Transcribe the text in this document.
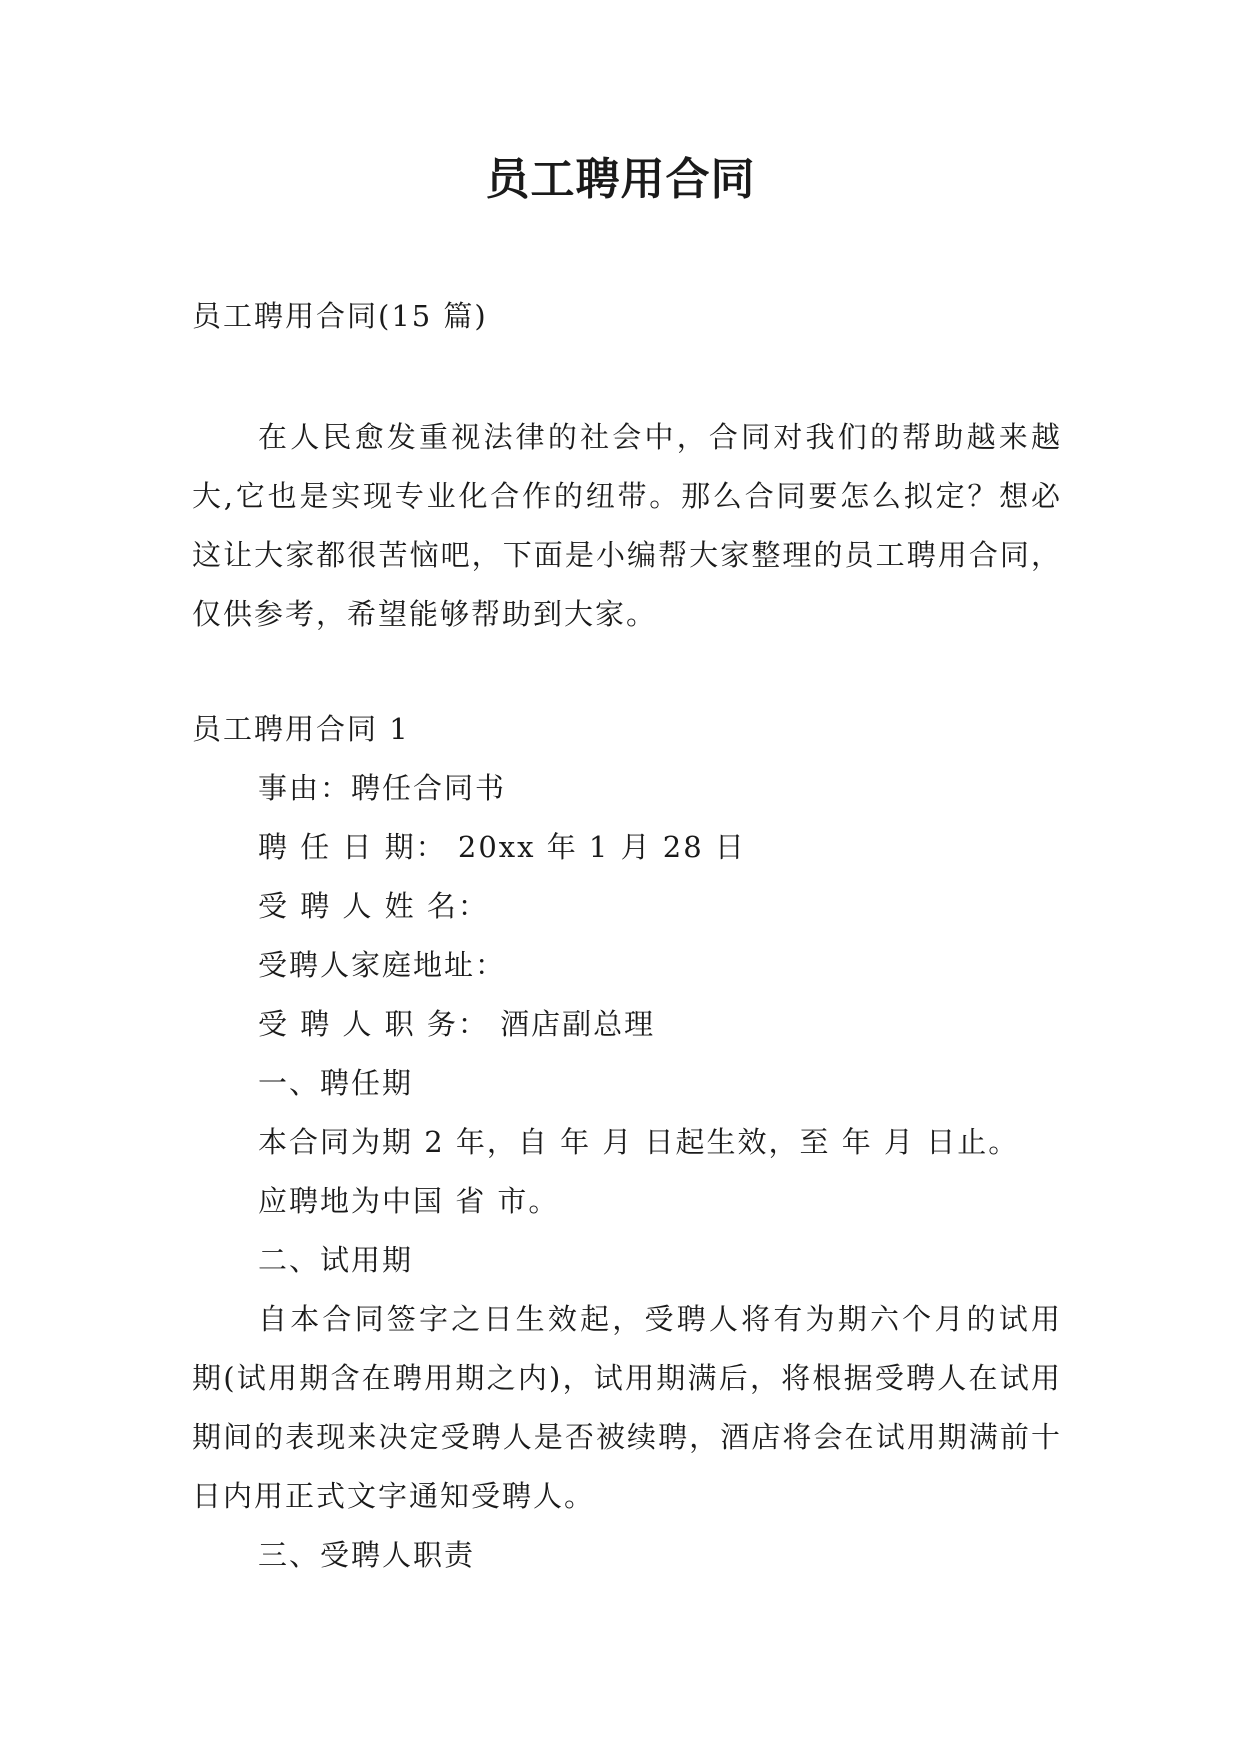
员工聘用合同
员工聘用合同(15 篇)
在人民愈发重视法律的社会中，合同对我们的帮助越来越大,它也是实现专业化合作的纽带。那么合同要怎么拟定？想必这让大家都很苦恼吧，下面是小编帮大家整理的员工聘用合同，仅供参考，希望能够帮助到大家。

员工聘用合同 1

事由：聘任合同书

聘 任 日 期： 20xx 年 1 月 28 日

受 聘 人 姓 名：

受聘人家庭地址：

受 聘 人 职 务： 酒店副总理

一、聘任期

本合同为期 2 年，自 年 月 日起生效，至 年 月 日止。

应聘地为中国 省 市。

二、试用期

自本合同签字之日生效起，受聘人将有为期六个月的试用期(试用期含在聘用期之内)，试用期满后，将根据受聘人在试用期间的表现来决定受聘人是否被续聘，酒店将会在试用期满前十日内用正式文字通知受聘人。

三、受聘人职责
